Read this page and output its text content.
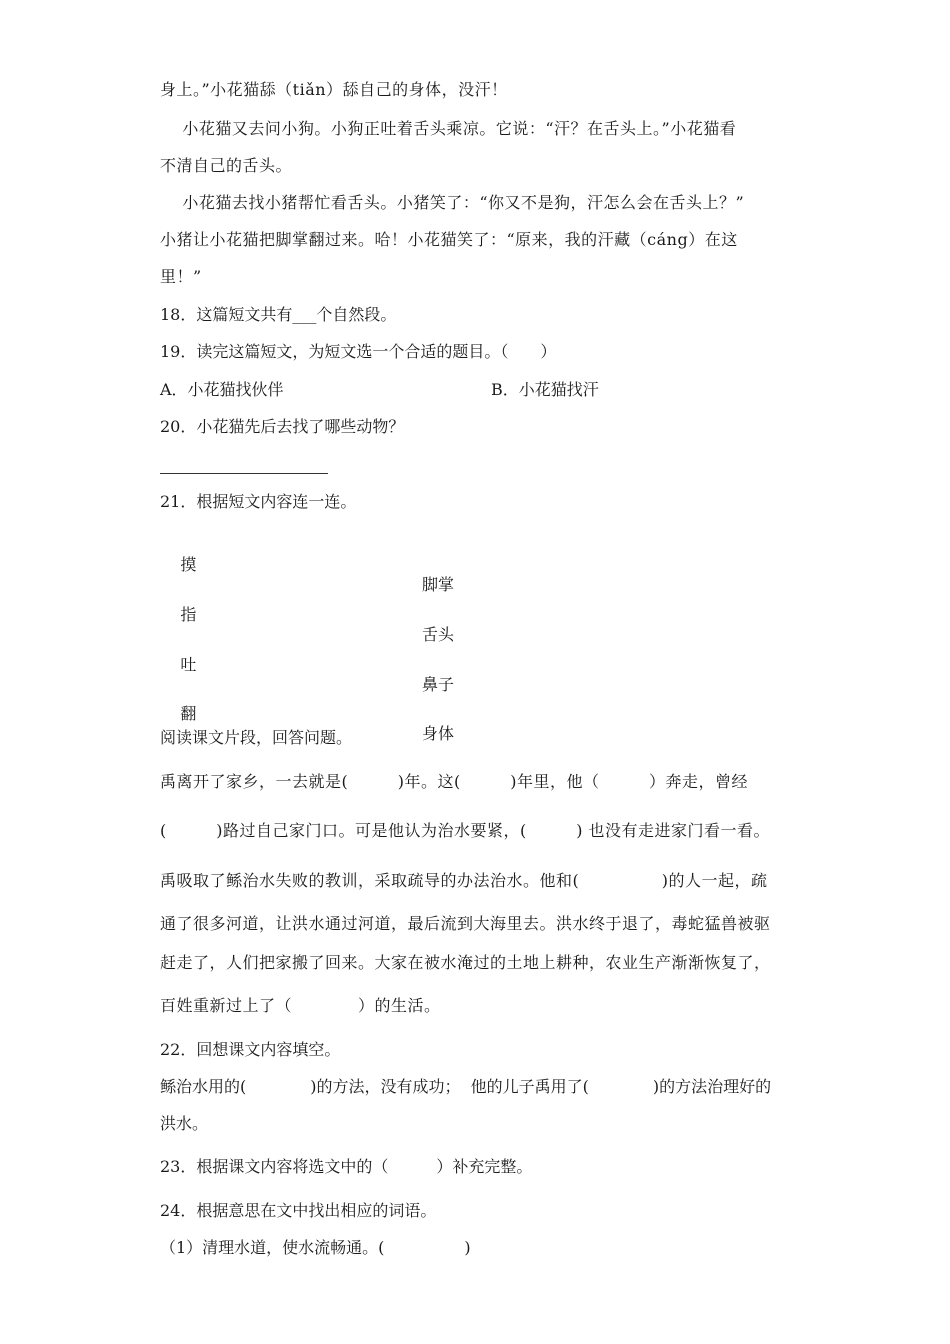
身上。”小花猫舔（tiǎn）舔自己的身体，没汗！
小花猫又去问小狗。小狗正吐着舌头乘凉。它说：“汗？在舌头上。”小花猫看
不清自己的舌头。
小花猫去找小猪帮忙看舌头。小猪笑了：“你又不是狗，汗怎么会在舌头上？”
小猪让小花猫把脚掌翻过来。哈！小花猫笑了：“原来，我的汗藏（cáng）在这
里！”
18．这篇短文共有___个自然段。
19．读完这篇短文，为短文选一个合适的题目。（　　）
A．小花猫找伙伴	B．小花猫找汗
20．小花猫先后去找了哪些动物？
21．根据短文内容连一连。

摸

脚掌

指

舌头

吐

鼻子

翻

身体

阅读课文片段，回答问题。
禹离开了家乡，一去就是(　　　)年。这(　　　)年里，他（　　　）奔走，曾经
(　　　)路过自己家门口。可是他认为治水要紧，(　　　) 也没有走进家门看一看。
禹吸取了鲧治水失败的教训，采取疏导的办法治水。他和(　　　　　)的人一起，疏
通了很多河道，让洪水通过河道，最后流到大海里去。洪水终于退了，毒蛇猛兽被驱
赶走了，人们把家搬了回来。大家在被水淹过的土地上耕种，农业生产渐渐恢复了，
百姓重新过上了（　　　　）的生活。
22．回想课文内容填空。
鲧治水用的(　　　　)的方法，没有成功；  他的儿子禹用了(　　　　)的方法治理好的
洪水。
23．根据课文内容将选文中的（　　　）补充完整。
24．根据意思在文中找出相应的词语。
（1）清理水道，使水流畅通。(　　　　　)
